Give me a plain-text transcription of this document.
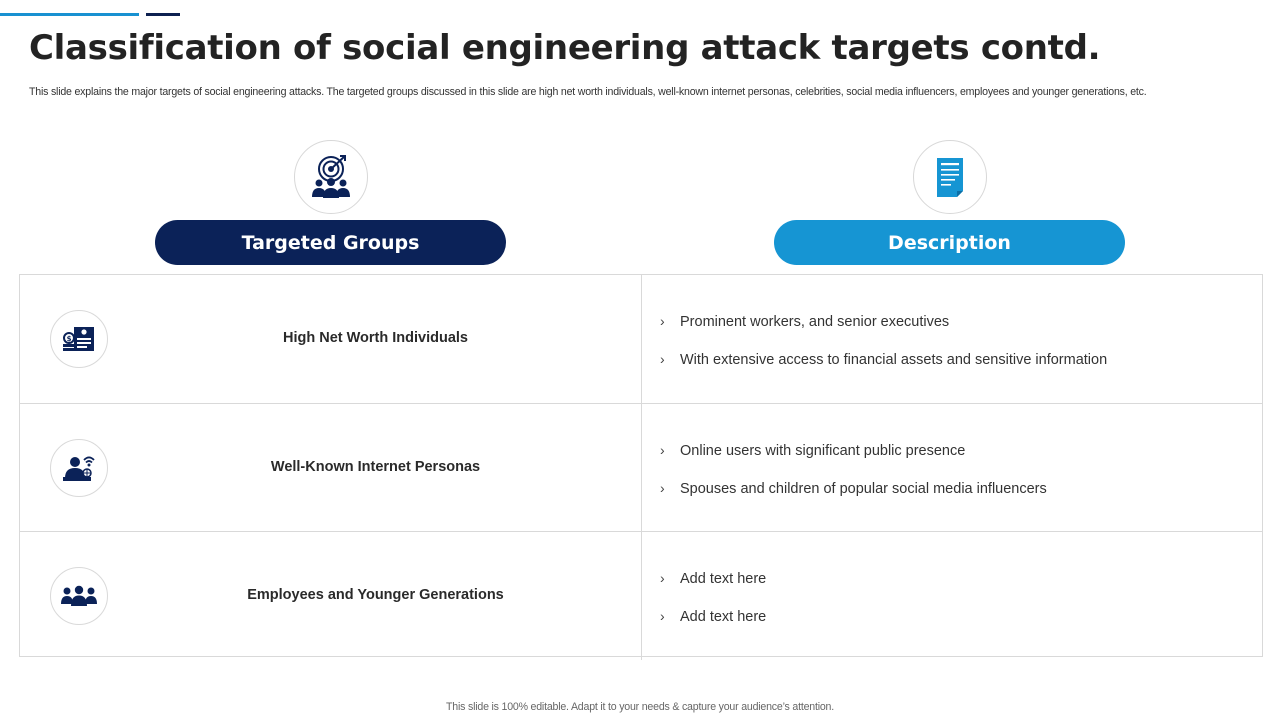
Classification of social engineering attack targets contd.

This slide explains the major targets of social engineering attacks. The targeted groups discussed in this slide are high net worth individuals, well-known internet personas, celebrities, social media influencers, employees and younger generations, etc.

Targeted Groups	Description
$	High Net Worth Individuals
› Prominent workers, and senior executives
› With extensive access to financial assets and sensitive information
Well-Known Internet Personas
› Online users with significant public presence
› Spouses and children of popular social media influencers
Employees and Younger Generations
› Add text here
› Add text here
This slide is 100% editable. Adapt it to your needs & capture your audience’s attention.
